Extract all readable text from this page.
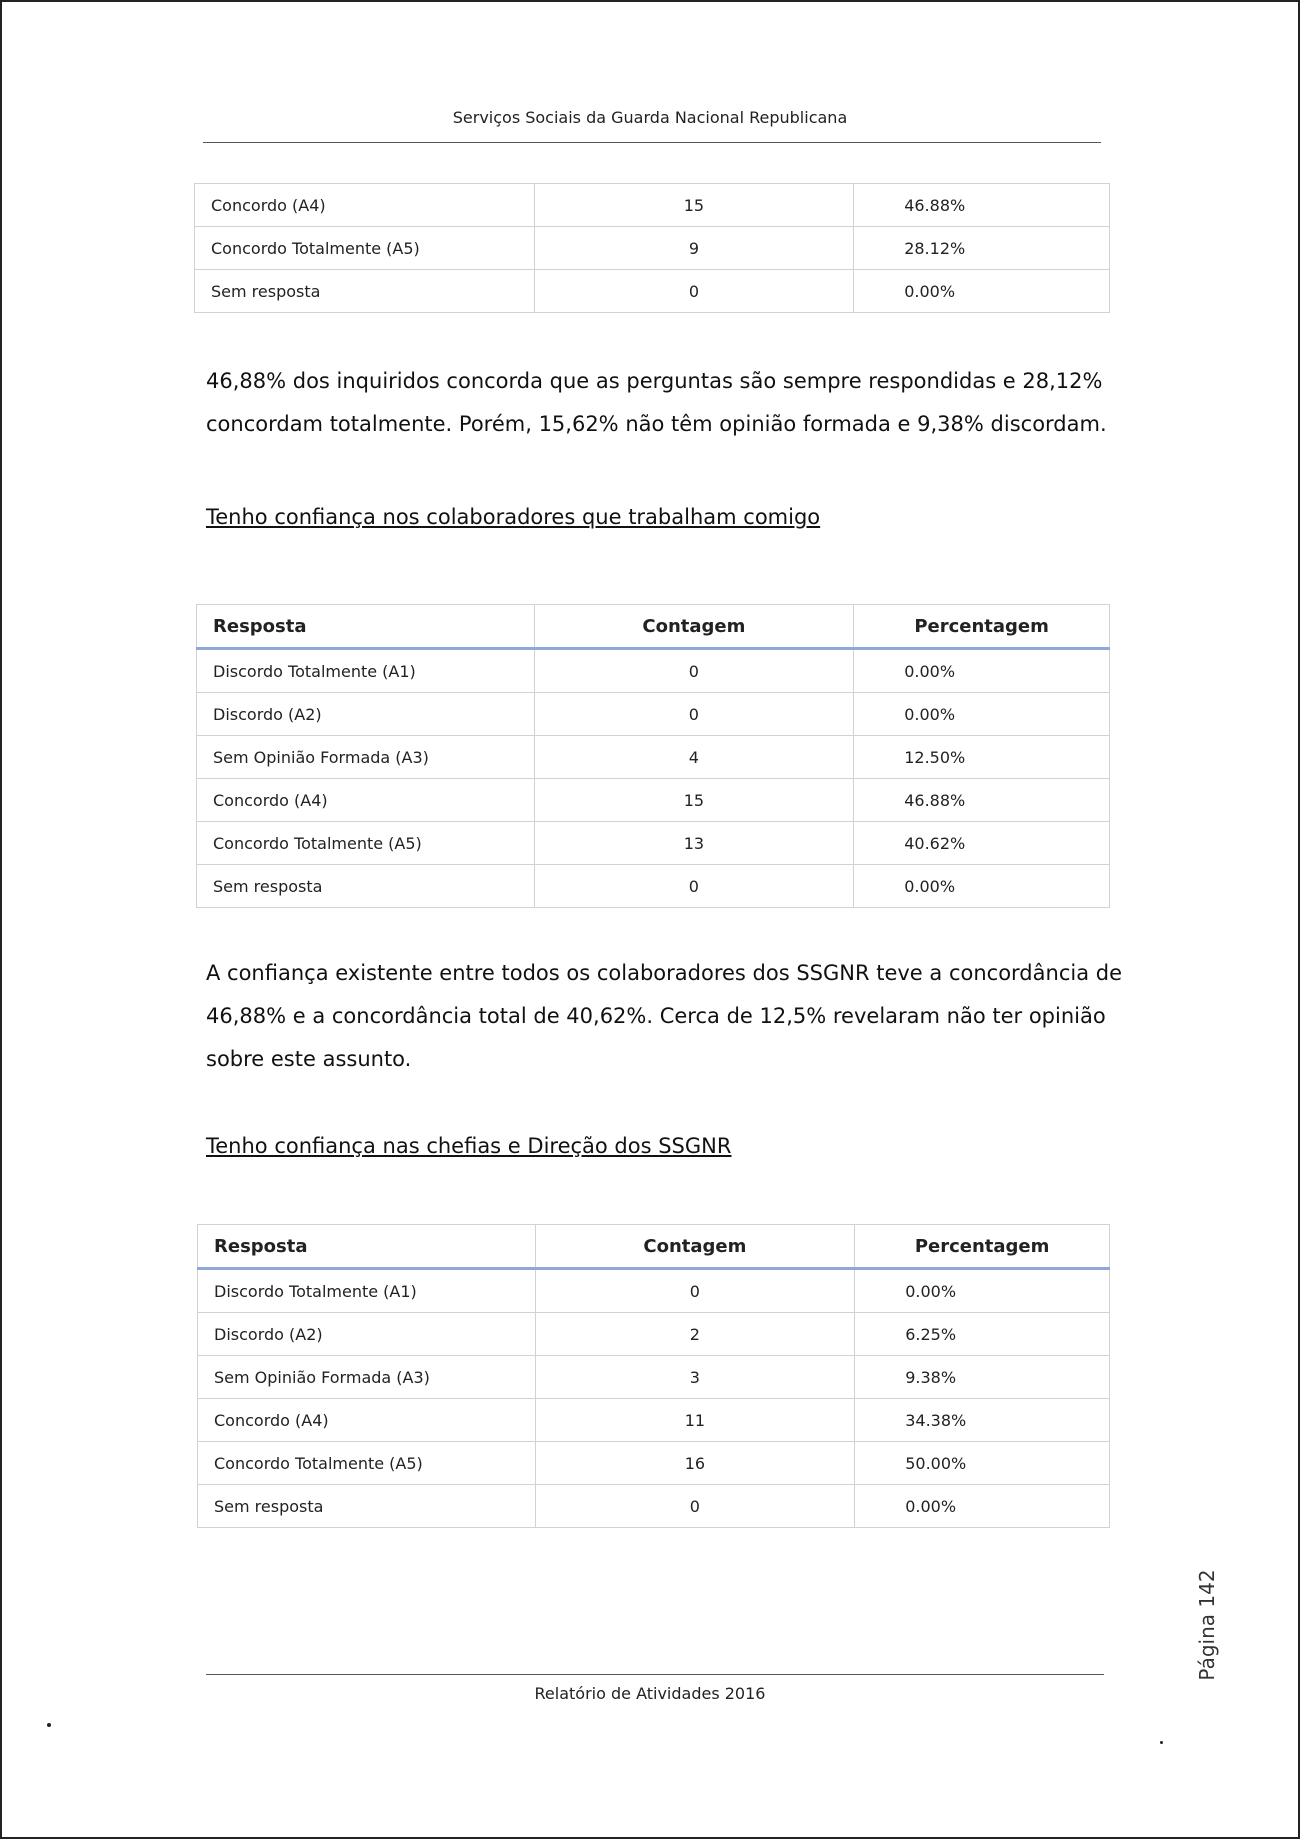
Serviços Sociais da Guarda Nacional Republicana
Concordo (A4)	15	46.88%
Concordo Totalmente (A5)	9	28.12%
Sem resposta	0	0.00%
46,88% dos inquiridos concorda que as perguntas são sempre respondidas e 28,12% concordam totalmente. Porém, 15,62% não têm opinião formada e 9,38% discordam.
Tenho confiança nos colaboradores que trabalham comigo
Resposta	Contagem	Percentagem
Discordo Totalmente (A1)	0	0.00%
Discordo (A2)	0	0.00%
Sem Opinião Formada (A3)	4	12.50%
Concordo (A4)	15	46.88%
Concordo Totalmente (A5)	13	40.62%
Sem resposta	0	0.00%
A confiança existente entre todos os colaboradores dos SSGNR teve a concordância de 46,88% e a concordância total de 40,62%. Cerca de 12,5% revelaram não ter opinião sobre este assunto.
Tenho confiança nas chefias e Direção dos SSGNR
Resposta	Contagem	Percentagem
Discordo Totalmente (A1)	0	0.00%
Discordo (A2)	2	6.25%
Sem Opinião Formada (A3)	3	9.38%
Concordo (A4)	11	34.38%
Concordo Totalmente (A5)	16	50.00%
Sem resposta	0	0.00%
Página 142
Relatório de Atividades 2016
